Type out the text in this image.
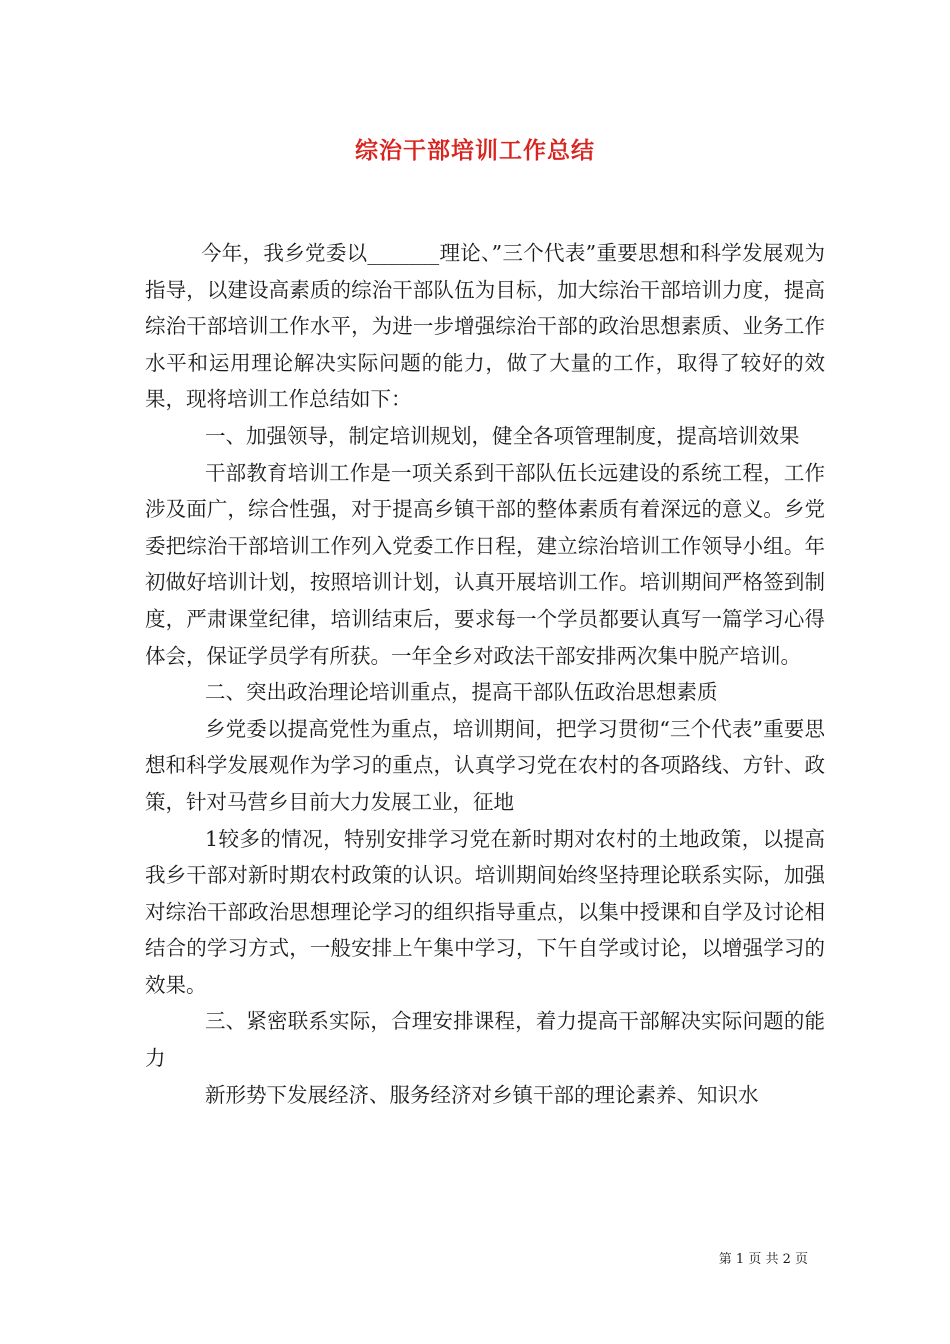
综治干部培训工作总结

今年，我乡党委以_______理论、”三个代表”重要思想和科学发展观为指导，以建设高素质的综治干部队伍为目标，加大综治干部培训力度，提高综治干部培训工作水平，为进一步增强综治干部的政治思想素质、业务工作水平和运用理论解决实际问题的能力，做了大量的工作，取得了较好的效果，现将培训工作总结如下：

一、加强领导，制定培训规划，健全各项管理制度，提高培训效果

干部教育培训工作是一项关系到干部队伍长远建设的系统工程，工作涉及面广，综合性强，对于提高乡镇干部的整体素质有着深远的意义。乡党委把综治干部培训工作列入党委工作日程，建立综治培训工作领导小组。年初做好培训计划，按照培训计划，认真开展培训工作。培训期间严格签到制度，严肃课堂纪律，培训结束后，要求每一个学员都要认真写一篇学习心得体会，保证学员学有所获。一年全乡对政法干部安排两次集中脱产培训。

二、突出政治理论培训重点，提高干部队伍政治思想素质

乡党委以提高党性为重点，培训期间，把学习贯彻“三个代表”重要思想和科学发展观作为学习的重点，认真学习党在农村的各项路线、方针、政策，针对马营乡目前大力发展工业，征地

1较多的情况，特别安排学习党在新时期对农村的土地政策，以提高我乡干部对新时期农村政策的认识。培训期间始终坚持理论联系实际，加强对综治干部政治思想理论学习的组织指导重点，以集中授课和自学及讨论相结合的学习方式，一般安排上午集中学习，下午自学或讨论，以增强学习的效果。

三、紧密联系实际，合理安排课程，着力提高干部解决实际问题的能力

新形势下发展经济、服务经济对乡镇干部的理论素养、知识水

第 1 页 共 2 页
